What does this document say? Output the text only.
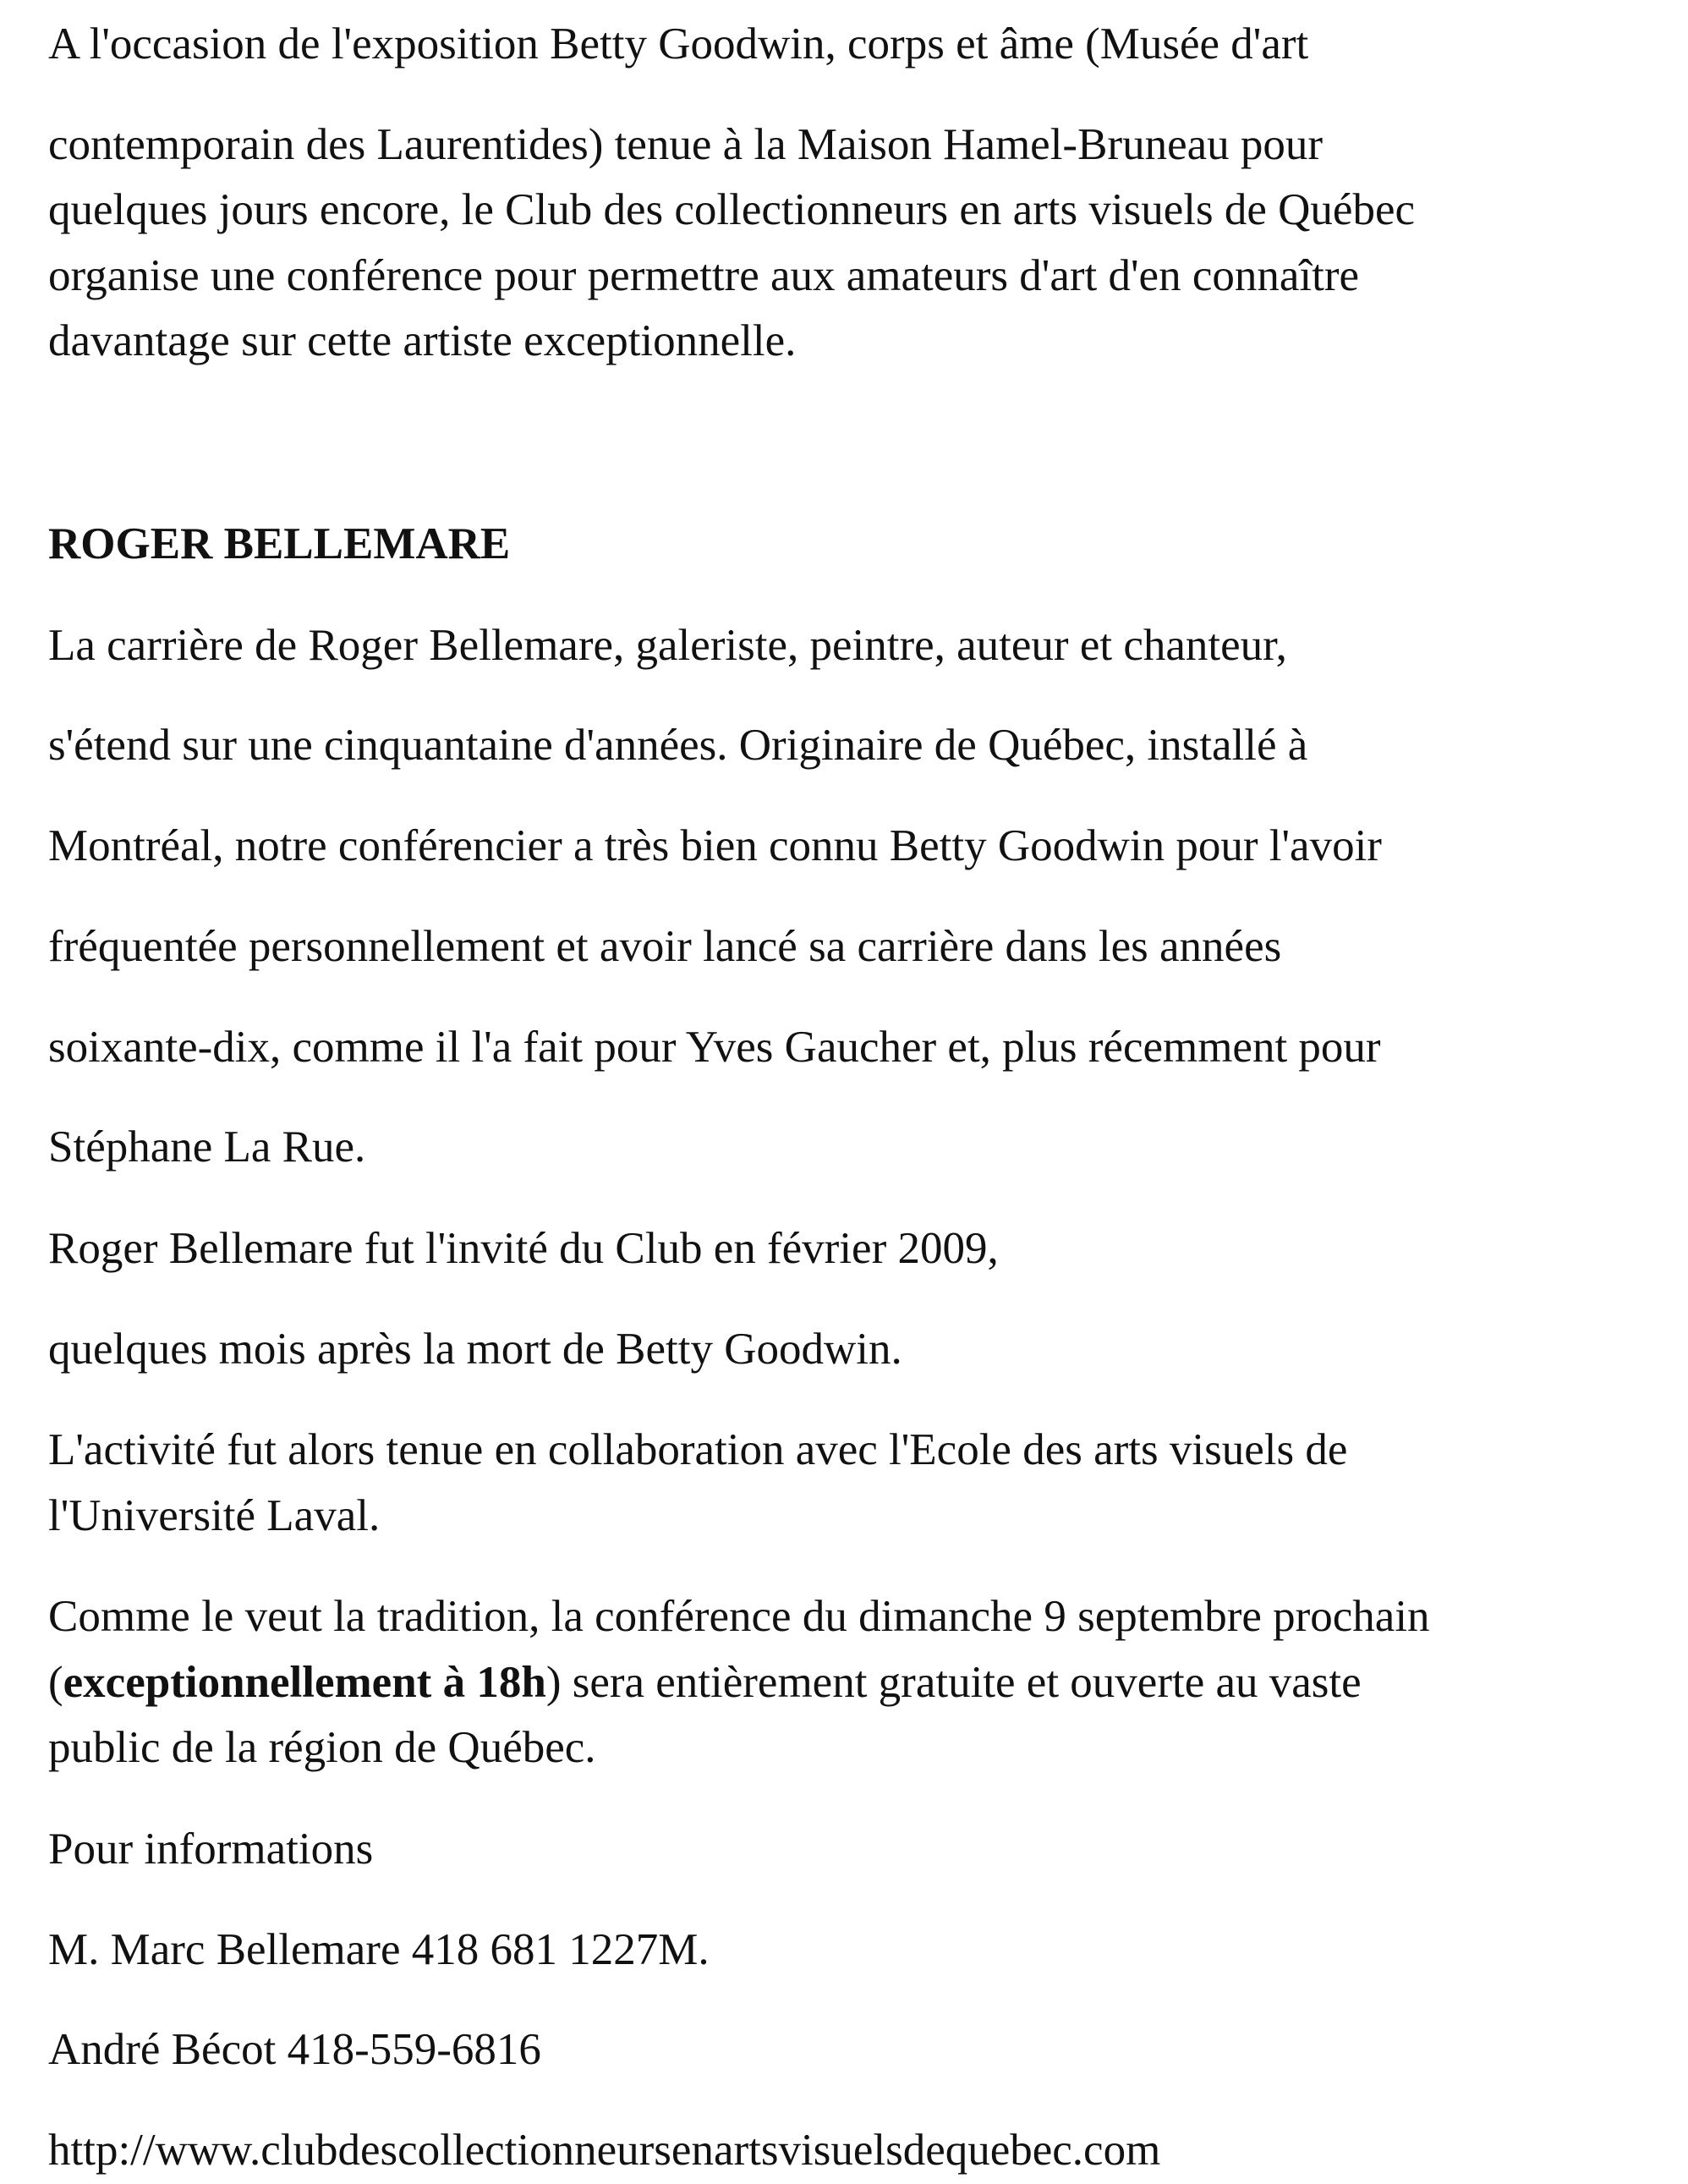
A l'occasion de l'exposition Betty Goodwin, corps et âme (Musée d'art
contemporain des Laurentides) tenue à la Maison Hamel-Bruneau pour
quelques jours encore, le Club des collectionneurs en arts visuels de Québec
organise une conférence pour permettre aux amateurs d'art d'en connaître
davantage sur cette artiste exceptionnelle.
ROGER BELLEMARE
La carrière de Roger Bellemare, galeriste, peintre, auteur et chanteur,
s'étend sur une cinquantaine d'années. Originaire de Québec, installé à
Montréal, notre conférencier a très bien connu Betty Goodwin pour l'avoir
fréquentée personnellement et avoir lancé sa carrière dans les années
soixante-dix, comme il l'a fait pour Yves Gaucher et, plus récemment pour
Stéphane La Rue.
Roger Bellemare fut l'invité du Club en février 2009,
quelques mois après la mort de Betty Goodwin.
L'activité fut alors tenue en collaboration avec l'Ecole des arts visuels de
l'Université Laval.
Comme le veut la tradition, la conférence du dimanche 9 septembre prochain
(exceptionnellement à 18h) sera entièrement gratuite et ouverte au vaste
public de la région de Québec.
Pour informations
M. Marc Bellemare 418 681 1227M.
André Bécot 418-559-6816
http://www.clubdescollectionneursenartsvisuelsdequebec.com
